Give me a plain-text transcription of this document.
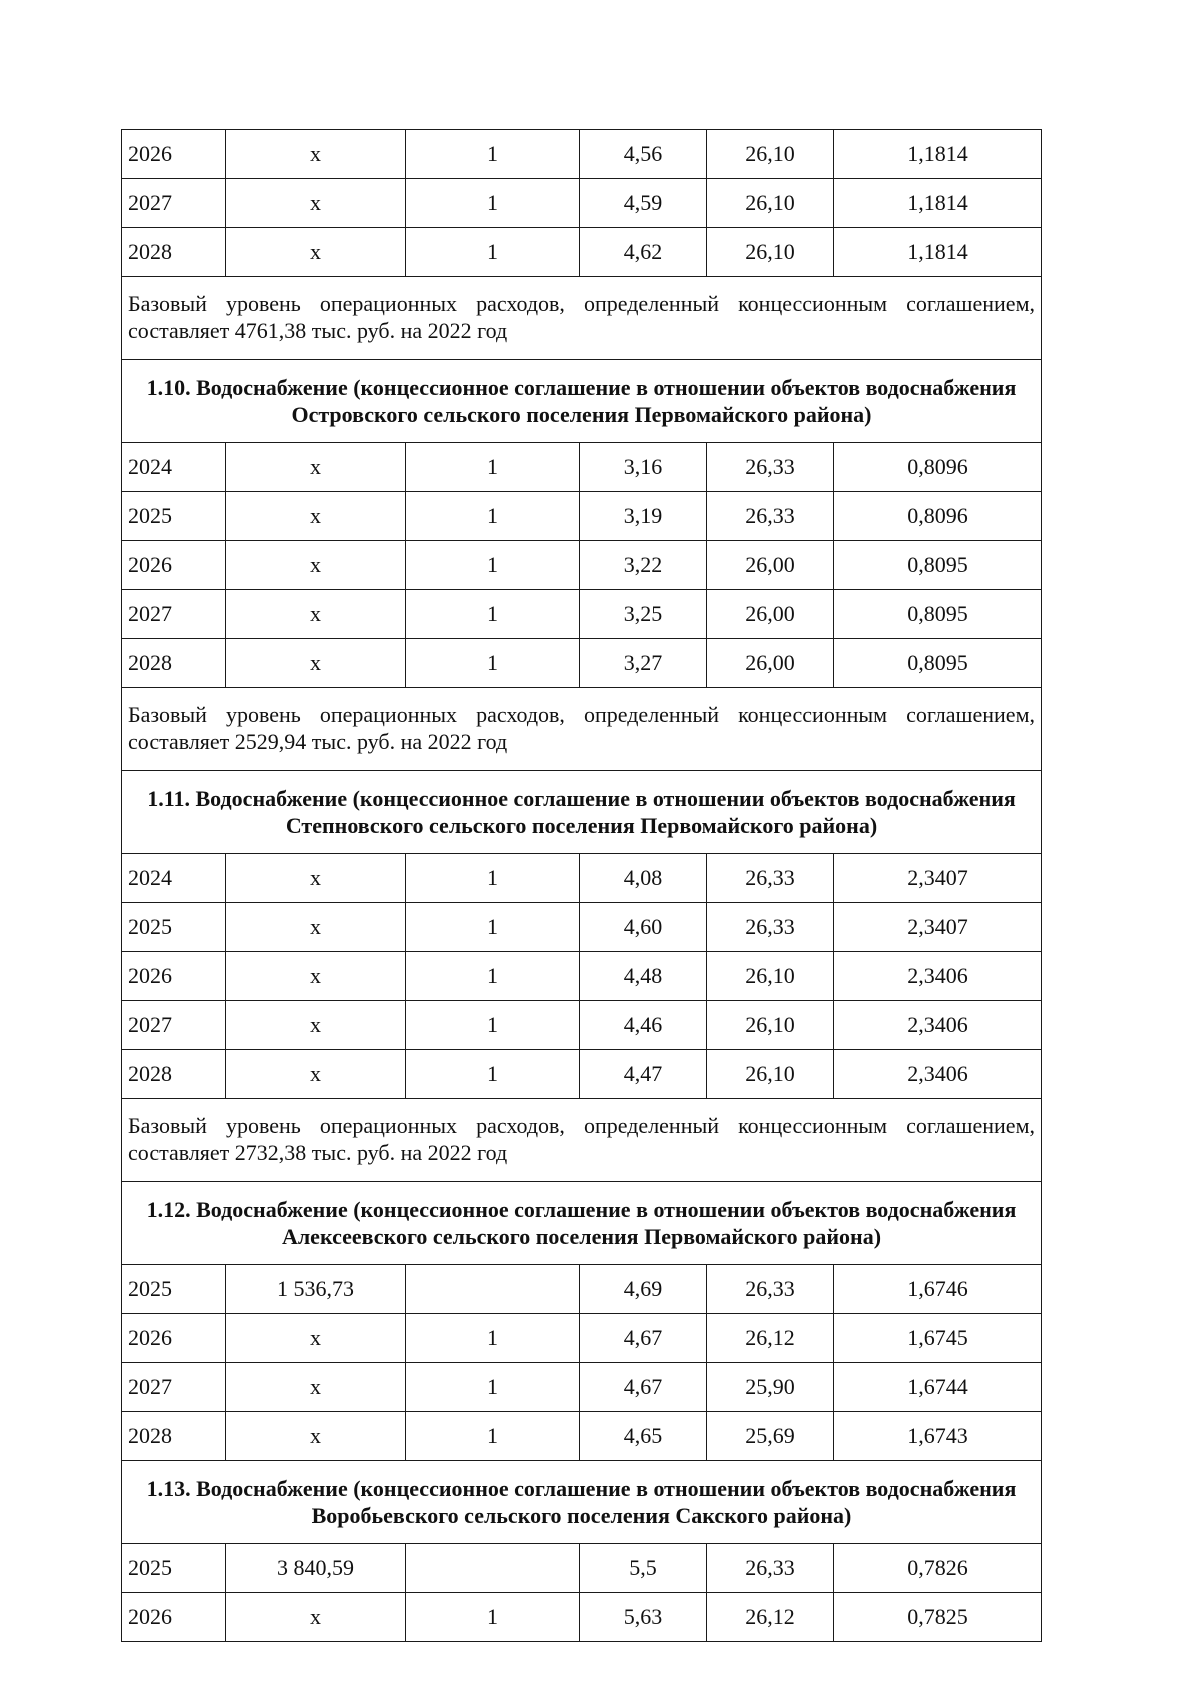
2026	x	1	4,56	26,10	1,1814
2027	x	1	4,59	26,10	1,1814
2028	x	1	4,62	26,10	1,1814
Базовый уровень операционных расходов, определенный концессионным соглашением, составляет 4761,38 тыс. руб. на 2022 год					
1.10. Водоснабжение (концессионное соглашение в отношении объектов водоснабжения Островского сельского поселения Первомайского района)					
2024	x	1	3,16	26,33	0,8096
2025	x	1	3,19	26,33	0,8096
2026	x	1	3,22	26,00	0,8095
2027	x	1	3,25	26,00	0,8095
2028	x	1	3,27	26,00	0,8095
Базовый уровень операционных расходов, определенный концессионным соглашением, составляет 2529,94 тыс. руб. на 2022 год					
1.11. Водоснабжение (концессионное соглашение в отношении объектов водоснабжения Степновского сельского поселения Первомайского района)					
2024	x	1	4,08	26,33	2,3407
2025	x	1	4,60	26,33	2,3407
2026	x	1	4,48	26,10	2,3406
2027	x	1	4,46	26,10	2,3406
2028	x	1	4,47	26,10	2,3406
Базовый уровень операционных расходов, определенный концессионным соглашением, составляет 2732,38 тыс. руб. на 2022 год					
1.12. Водоснабжение (концессионное соглашение в отношении объектов водоснабжения Алексеевского сельского поселения Первомайского района)					
2025	1 536,73		4,69	26,33	1,6746
2026	x	1	4,67	26,12	1,6745
2027	x	1	4,67	25,90	1,6744
2028	x	1	4,65	25,69	1,6743
1.13. Водоснабжение (концессионное соглашение в отношении объектов водоснабжения Воробьевского сельского поселения Сакского района)					
2025	3 840,59		5,5	26,33	0,7826
2026	x	1	5,63	26,12	0,7825
